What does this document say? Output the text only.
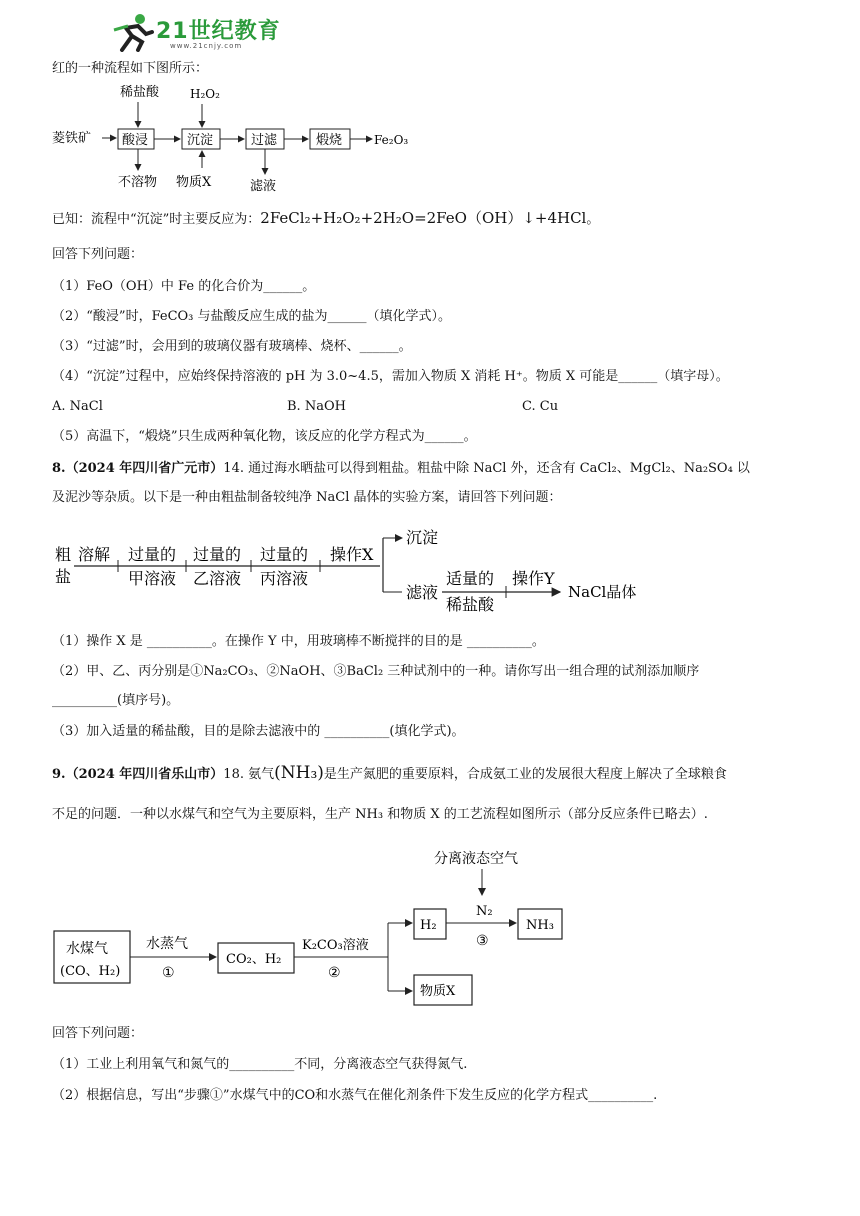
21世纪教育
www.21cnjy.com
红的一种流程如下图所示：
菱铁矿 酸浸	沉淀	过滤	煅烧	Fe₂O₃
稀盐酸	H₂O₂
不溶物 物质X	滤液
已知：流程中“沉淀”时主要反应为：2FeCl₂+H₂O₂+2H₂O=2FeO（OH）↓+4HCl。
回答下列问题：
（1）FeO（OH）中 Fe 的化合价为______。
（2）“酸浸”时，FeCO₃ 与盐酸反应生成的盐为______（填化学式）。
（3）“过滤”时，会用到的玻璃仪器有玻璃棒、烧杯、______。
（4）“沉淀”过程中，应始终保持溶液的 pH 为 3.0~4.5，需加入物质 X 消耗 H⁺。物质 X 可能是______（填字母）。
A. NaCl	B. NaOH	C. Cu
（5）高温下，“煅烧”只生成两种氧化物，该反应的化学方程式为______。
8.（2024 年四川省广元市）14. 通过海水晒盐可以得到粗盐。粗盐中除 NaCl 外，还含有 CaCl₂、MgCl₂、Na₂SO₄ 以
及泥沙等杂质。以下是一种由粗盐制备较纯净 NaCl 晶体的实验方案，请回答下列问题：
粗
盐
溶解 过量的
甲溶液
过量的
乙溶液
过量的
丙溶液
操作X
沉淀
滤液
适量的
稀盐酸
操作Y
NaCl晶体
（1）操作 X 是 __________。在操作 Y 中，用玻璃棒不断搅拌的目的是 __________。
（2）甲、乙、丙分别是①Na₂CO₃、②NaOH、③BaCl₂ 三种试剂中的一种。请你写出一组合理的试剂添加顺序
__________(填序号)。
（3）加入适量的稀盐酸，目的是除去滤液中的 __________(填化学式)。
9.（2024 年四川省乐山市）18. 氨气(NH₃)是生产氮肥的重要原料，合成氨工业的发展很大程度上解决了全球粮食
不足的问题．一种以水煤气和空气为主要原料，生产 NH₃ 和物质 X 的工艺流程如图所示（部分反应条件已略去）.
分离液态空气
水煤气
(CO、H₂)
水蒸气
①
CO₂、H₂
K₂CO₃溶液
②
H₂
N₂
③
NH₃
物质X
回答下列问题：
（1）工业上利用氧气和氮气的__________不同，分离液态空气获得氮气.
（2）根据信息，写出“步骤①”水煤气中的CO和水蒸气在催化剂条件下发生反应的化学方程式__________.
